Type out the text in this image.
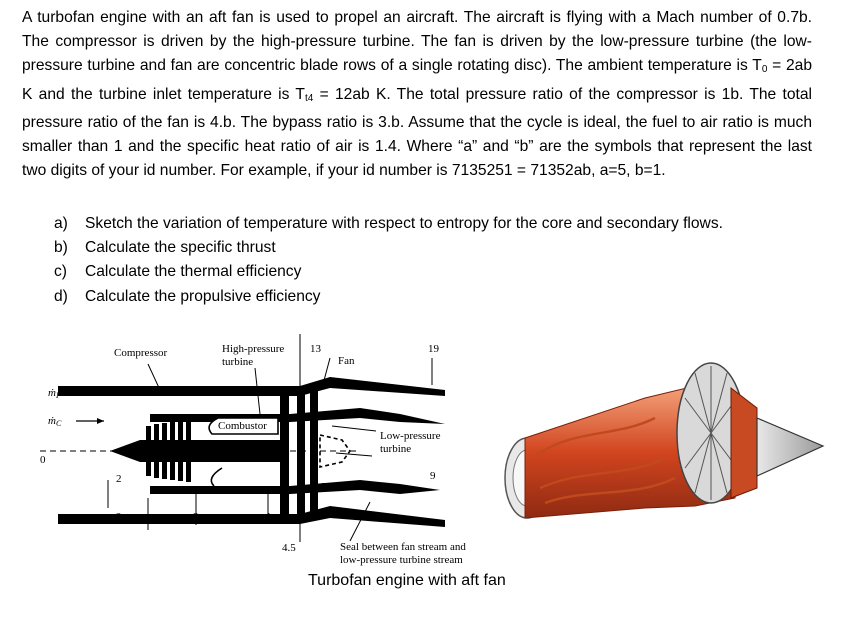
A turbofan engine with an aft fan is used to propel an aircraft. The aircraft is flying with a Mach number of 0.7b. The compressor is driven by the high-pressure turbine. The fan is driven by the low-pressure turbine (the low-pressure turbine and fan are concentric blade rows of a single rotating disc). The ambient temperature is $T_0 = 2ab$ K and the turbine inlet temperature is $T_{t4} = 12ab$ K. The total pressure ratio of the compressor is 1b. The total pressure ratio of the fan is 4.b. The bypass ratio is 3.b. Assume that the cycle is ideal, the fuel to air ratio is much smaller than 1 and the specific heat ratio of air is 1.4. Where “a” and “b” are the symbols that represent the last two digits of your id number. For example, if your id number is 7135251 = 71352ab, a=5, b=1.

a) Sketch the variation of temperature with respect to entropy for the core and secondary flows.
b) Calculate the specific thrust
c) Calculate the thermal efficiency
d) Calculate the propulsive efficiency
Compressor	High-pressure
turbine
13
Fan
19
ṁF
ṁC
0
Combustor
Low-pressure
turbine
2
2	3	4
5
9
4.5	Seal between fan stream and
low-pressure turbine stream
Turbofan engine with aft fan
